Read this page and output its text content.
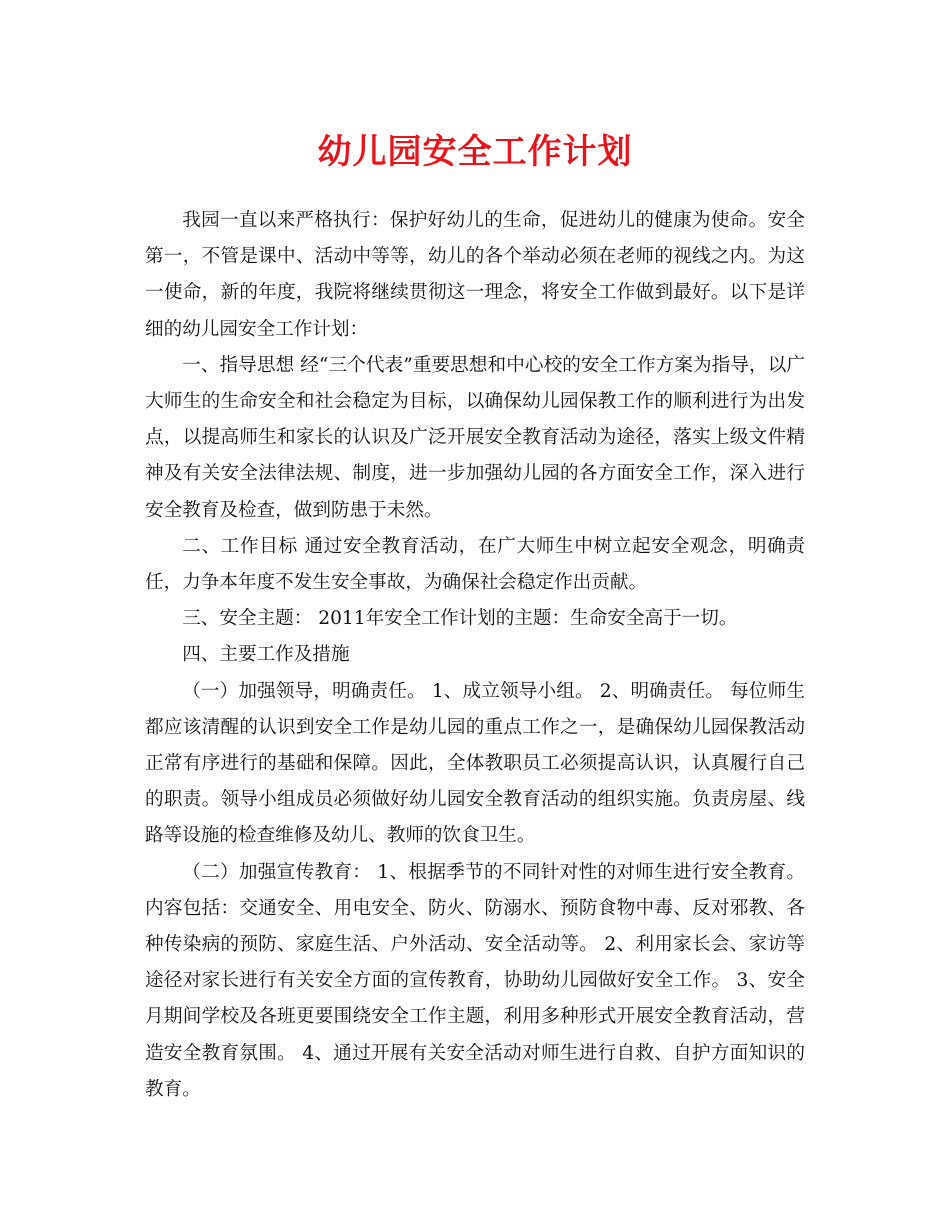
幼儿园安全工作计划

我园一直以来严格执行：保护好幼儿的生命，促进幼儿的健康为使命。安全第一，不管是课中、活动中等等，幼儿的各个举动必须在老师的视线之内。为这一使命，新的年度，我院将继续贯彻这一理念，将安全工作做到最好。以下是详细的幼儿园安全工作计划：

一、指导思想 经“三个代表”重要思想和中心校的安全工作方案为指导，以广大师生的生命安全和社会稳定为目标，以确保幼儿园保教工作的顺利进行为出发点，以提高师生和家长的认识及广泛开展安全教育活动为途径，落实上级文件精神及有关安全法律法规、制度，进一步加强幼儿园的各方面安全工作，深入进行安全教育及检查，做到防患于未然。

二、工作目标 通过安全教育活动，在广大师生中树立起安全观念，明确责任，力争本年度不发生安全事故，为确保社会稳定作出贡献。

三、安全主题： 2011年安全工作计划的主题：生命安全高于一切。

四、主要工作及措施

（一）加强领导，明确责任。 1、成立领导小组。 2、明确责任。 每位师生都应该清醒的认识到安全工作是幼儿园的重点工作之一，是确保幼儿园保教活动正常有序进行的基础和保障。因此，全体教职员工必须提高认识，认真履行自己的职责。领导小组成员必须做好幼儿园安全教育活动的组织实施。负责房屋、线路等设施的检查维修及幼儿、教师的饮食卫生。

（二）加强宣传教育： 1、根据季节的不同针对性的对师生进行安全教育。内容包括：交通安全、用电安全、防火、防溺水、预防食物中毒、反对邪教、各种传染病的预防、家庭生活、户外活动、安全活动等。 2、利用家长会、家访等途径对家长进行有关安全方面的宣传教育，协助幼儿园做好安全工作。 3、安全月期间学校及各班更要围绕安全工作主题，利用多种形式开展安全教育活动，营造安全教育氛围。 4、通过开展有关安全活动对师生进行自救、自护方面知识的教育。
